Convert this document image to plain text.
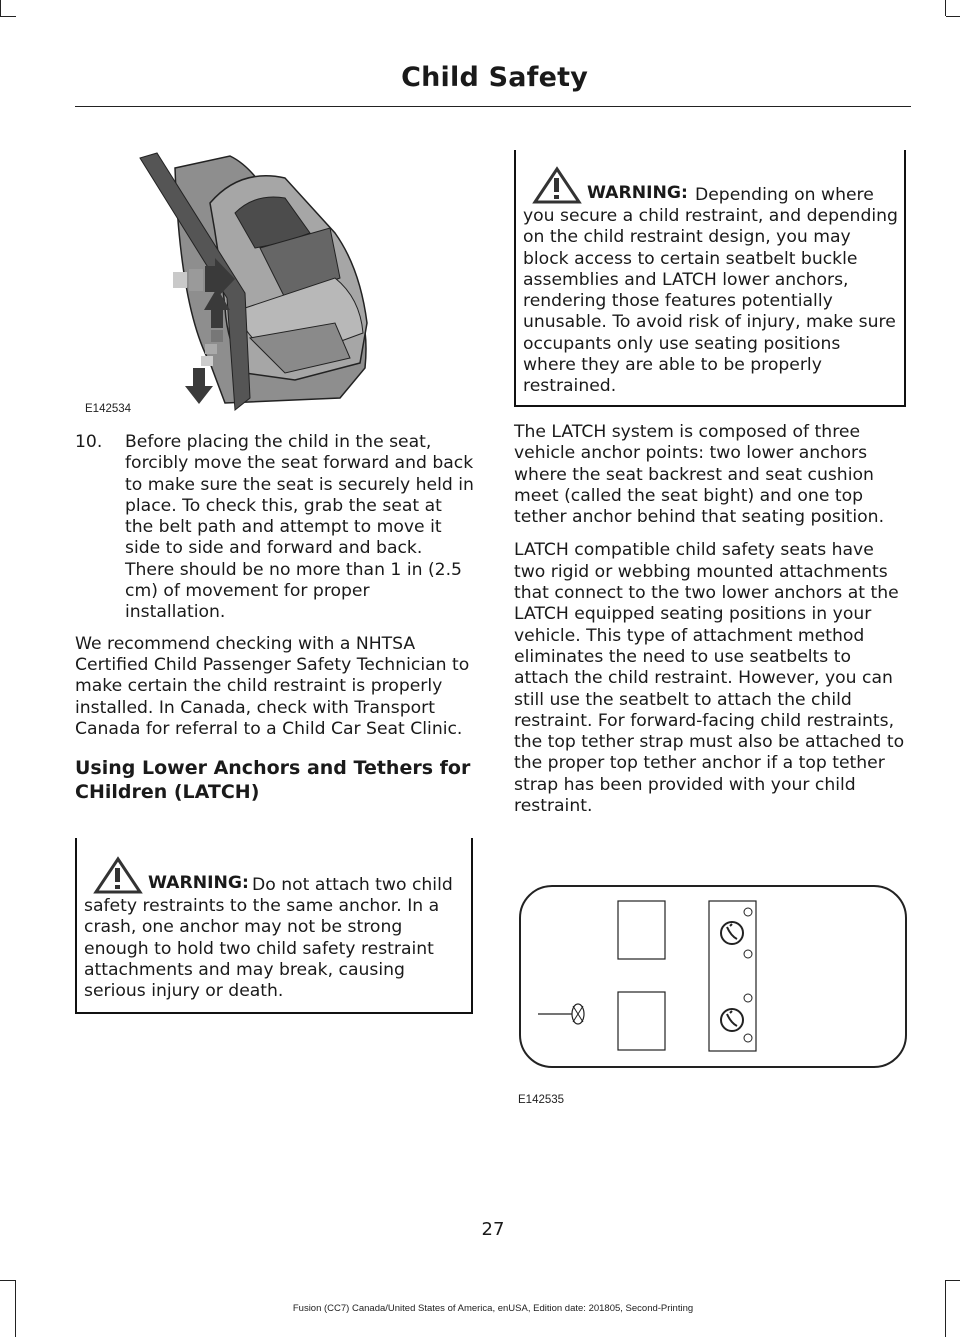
Child Safety
E142534
10.	Before placing the child in the seat, forcibly move the seat forward and back to make sure the seat is securely held in place. To check this, grab the seat at the belt path and attempt to move it side to side and forward and back. There should be no more than 1 in (2.5 cm) of movement for proper installation.

We recommend checking with a NHTSA Certified Child Passenger Safety Technician to make certain the child restraint is properly installed. In Canada, check with Transport Canada for referral to a Child Car Seat Clinic.

Using Lower Anchors and Tethers for CHildren (LATCH)
WARNING: Do not attach two child safety restraints to the same anchor. In a crash, one anchor may not be strong enough to hold two child safety restraint attachments and may break, causing serious injury or death.
WARNING: Depending on where you secure a child restraint, and depending on the child restraint design, you may block access to certain seatbelt buckle assemblies and LATCH lower anchors, rendering those features potentially unusable. To avoid risk of injury, make sure occupants only use seating positions where they are able to be properly restrained.

The LATCH system is composed of three vehicle anchor points: two lower anchors where the seat backrest and seat cushion meet (called the seat bight) and one top tether anchor behind that seating position.

LATCH compatible child safety seats have two rigid or webbing mounted attachments that connect to the two lower anchors at the LATCH equipped seating positions in your vehicle. This type of attachment method eliminates the need to use seatbelts to attach the child restraint. However, you can still use the seatbelt to attach the child restraint. For forward-facing child restraints, the top tether strap must also be attached to the proper top tether anchor if a top tether strap has been provided with your child restraint.

E142535
27
Fusion (CC7) Canada/United States of America, enUSA, Edition date: 201805, Second-Printing
